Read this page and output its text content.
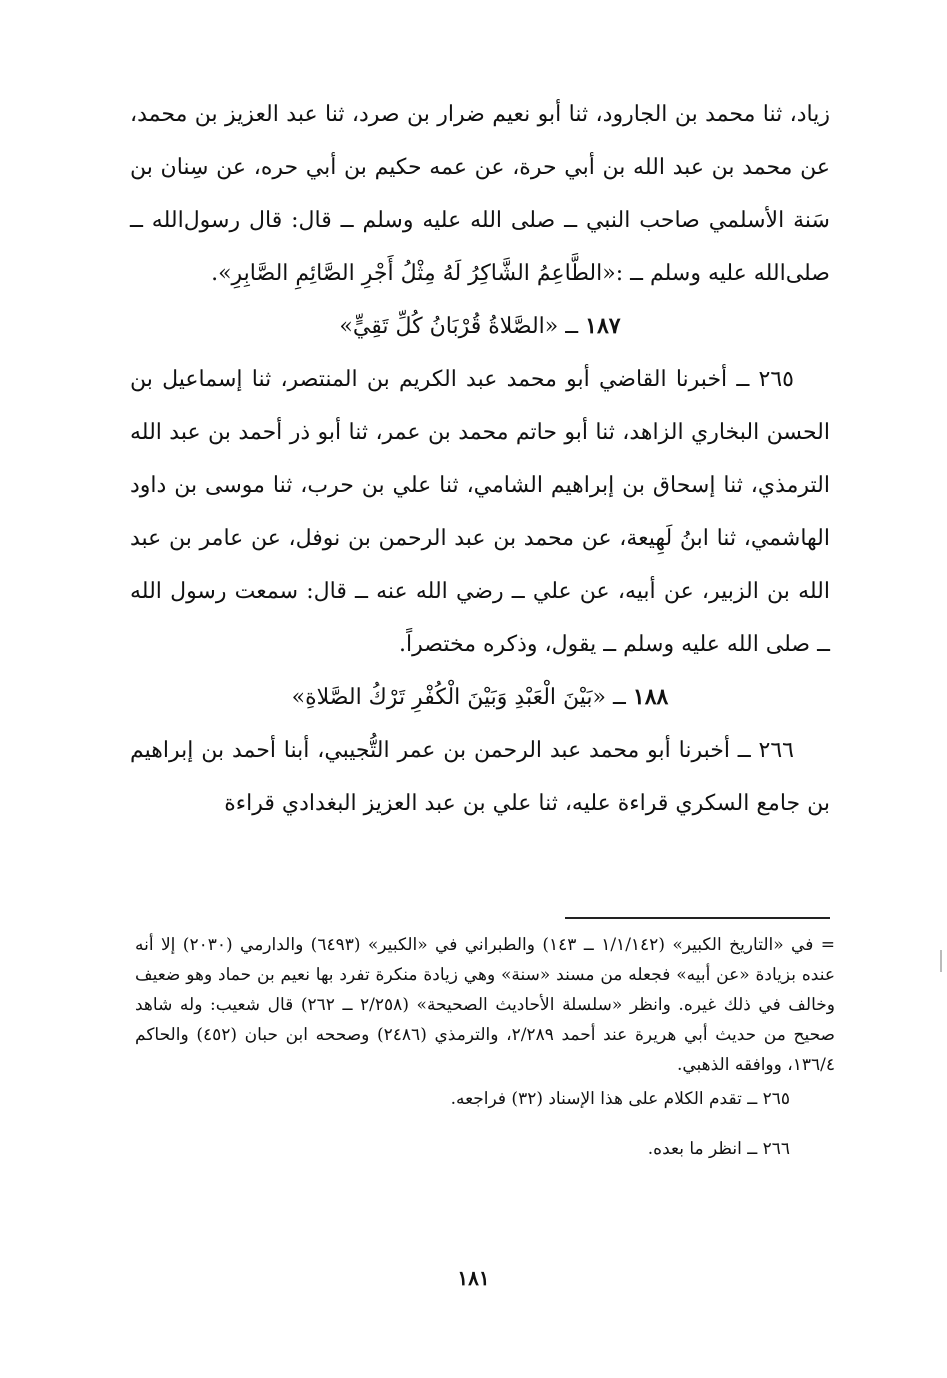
زياد، ثنا محمد بن الجارود، ثنا أبو نعيم ضرار بن صرد، ثنا عبد العزيز بن محمد، عن محمد بن عبد الله بن أبي حرة، عن عمه حكيم بن أبي حره، عن سِنان بن سَنة الأسلمي صاحب النبي ــ صلى الله عليه وسلم ــ قال: قال رسول‌الله ــ صلى‌الله عليه وسلم ــ :«الطَّاعِمُ الشَّاكِرُ لَهُ مِثْلُ أَجْرِ الصَّائِمِ الصَّابِرِ».

١٨٧ ــ «الصَّلاةُ قُرْبَانُ كُلِّ تَقِيٍّ»

٢٦٥ ــ أخبرنا القاضي أبو محمد عبد الكريم بن المنتصر، ثنا إسماعيل بن الحسن البخاري الزاهد، ثنا أبو حاتم محمد بن عمر، ثنا أبو ذر أحمد بن عبد الله الترمذي، ثنا إسحاق بن إبراهيم الشامي، ثنا علي بن حرب، ثنا موسى بن داود الهاشمي، ثنا ابنُ لَهِيعة، عن محمد بن عبد الرحمن بن نوفل، عن عامر بن عبد الله بن الزبير، عن أبيه، عن علي ــ رضي الله عنه ــ قال: سمعت رسول الله ــ صلى الله عليه وسلم ــ يقول، وذكره مختصراً.

١٨٨ ــ «بَيْنَ الْعَبْدِ وَبَيْنَ الْكُفْرِ تَرْكُ الصَّلاةِ»

٢٦٦ ــ أخبرنا أبو محمد عبد الرحمن بن عمر التُّجيبي، أبنا أحمد بن إبراهيم بن جامع السكري قراءة عليه، ثنا علي بن عبد العزيز البغدادي قراءة

= في «التاريخ الكبير» (١/١/١٤٢ ــ ١٤٣) والطبراني في «الكبير» (٦٤٩٣) والدارمي (٢٠٣٠) إلا أنه عنده بزيادة «عن أبيه» فجعله من مسند «سنة» وهي زيادة منكرة تفرد بها نعيم بن حماد وهو ضعيف وخالف في ذلك غيره. وانظر «سلسلة الأحاديث الصحيحة» (٢/٢٥٨ ــ ٢٦٢) قال شعيب: وله شاهد صحيح من حديث أبي هريرة عند أحمد ٢/٢٨٩، والترمذي (٢٤٨٦) وصححه ابن حبان (٤٥٢) والحاكم ١٣٦/٤، ووافقه الذهبي.

٢٦٥ ــ تقدم الكلام على هذا الإسناد (٣٢) فراجعه.

٢٦٦ ــ انظر ما بعده.

١٨١
